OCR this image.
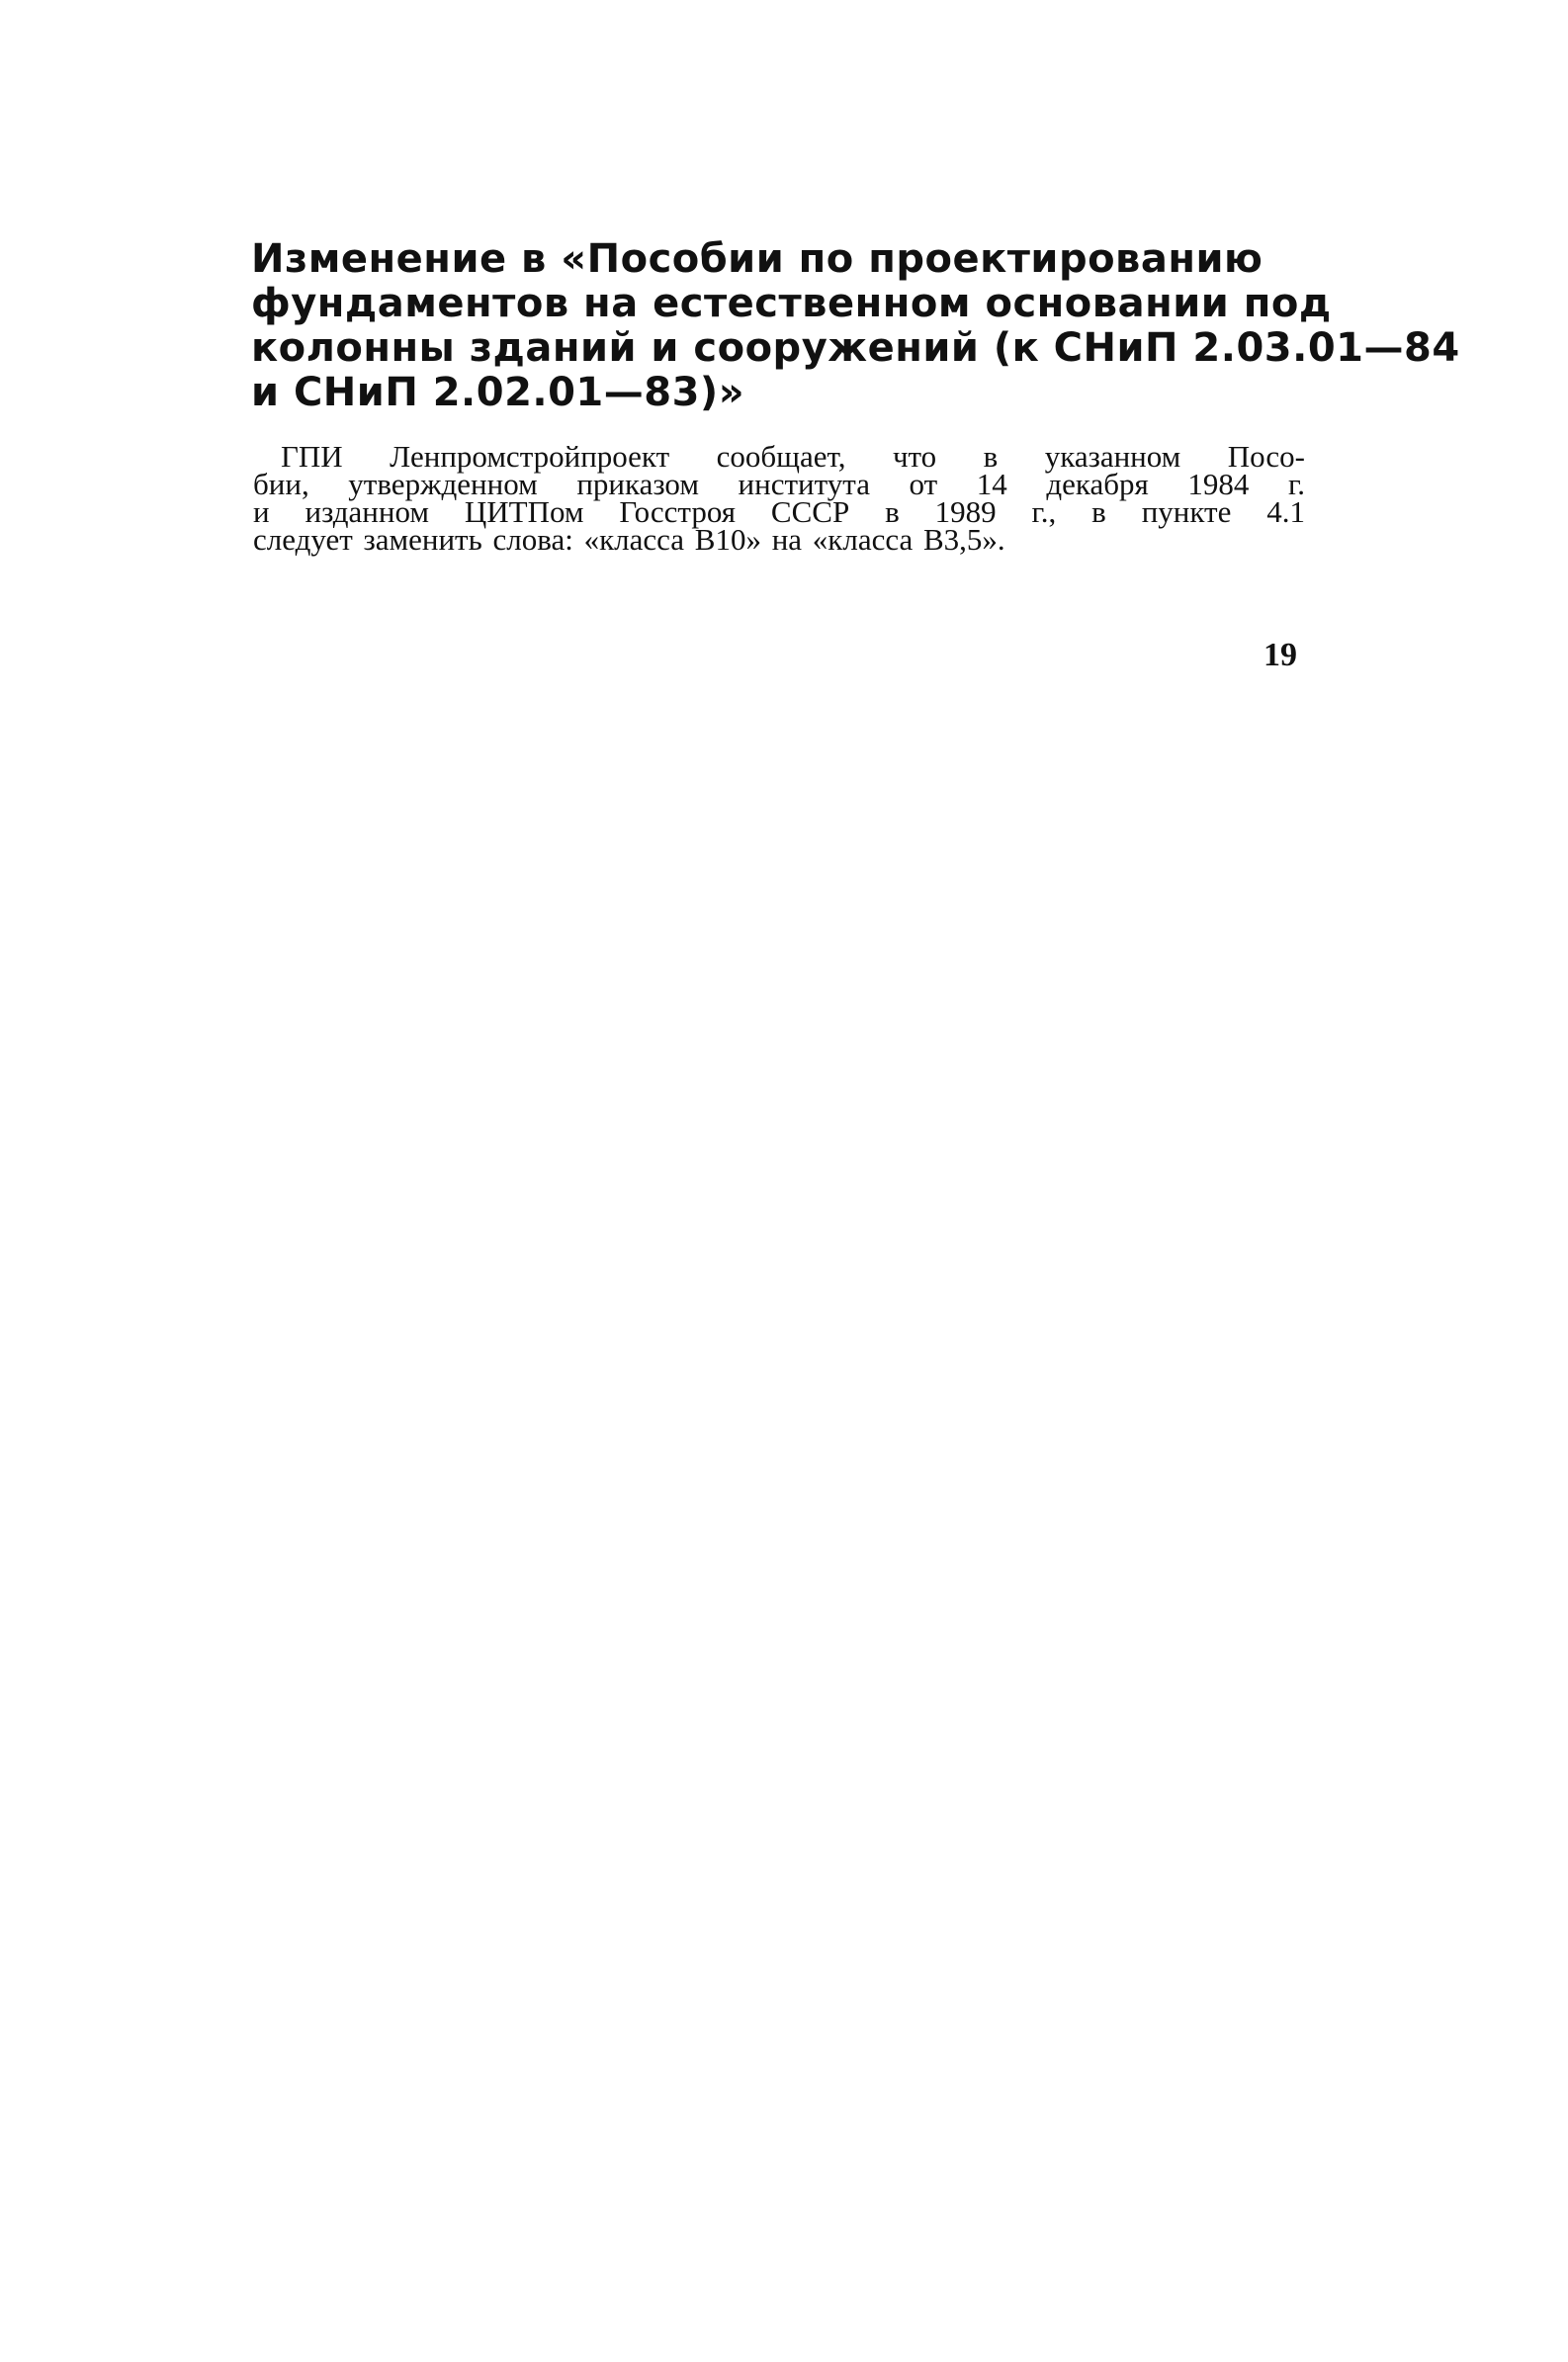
Изменение в «Пособии по проектированию
фундаментов на естественном основании под
колонны зданий и сооружений (к СНиП 2.03.01—84
и СНиП 2.02.01—83)»

ГПИ Ленпромстройпроект сообщает, что в указанном Посо-
бии, утвержденном приказом института от 14 декабря 1984 г.
и изданном ЦИТПом Госстроя СССР в 1989 г., в пункте 4.1
следует заменить слова: «класса В10» на «класса В3,5».

19
